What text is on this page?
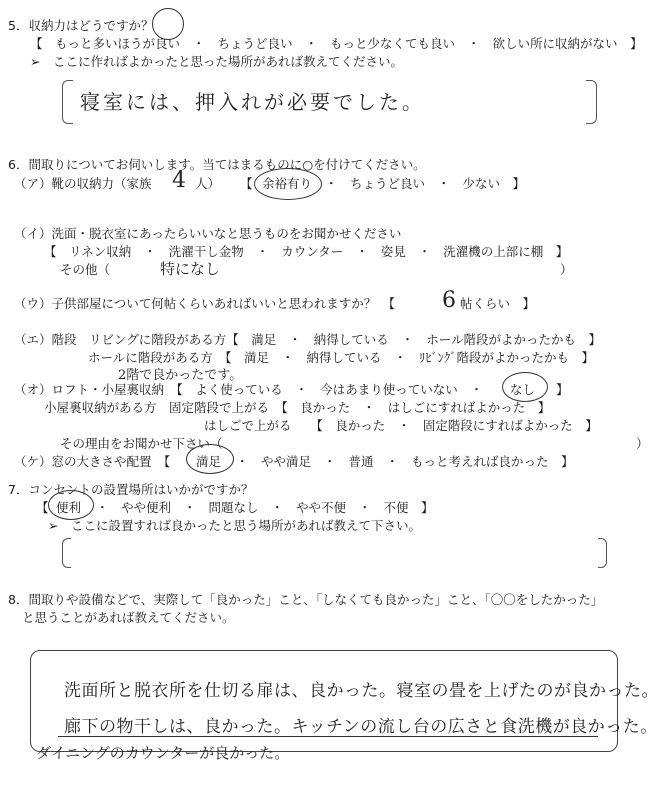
5．収納力はどうですか？
【　もっと多いほうが良い　・　ちょうど良い　・　もっと少なくても良い　・　欲しい所に収納がない　】
➢　ここに作ればよかったと思った場所があれば教えてください。
寝室には、押入れが必要でした。
6．間取りについてお伺いします。当てはまるものに○を付けてください。
（ア）靴の収納力（家族 4 人） 【 余裕有り ・　ちょうど良い　・　少ない　】
（イ）洗面・脱衣室にあったらいいなと思うものをお聞かせください
【　リネン収納　・　洗濯干し金物　・　カウンター　・　姿見　・　洗濯機の上部に棚　】
その他（	特になし	）
（ウ）子供部屋について何帖くらいあればいいと思われますか？　【 6 帖くらい　】
（エ）階段　リビングに階段がある方【　満足　・　納得している　・　ホール階段がよかったかも　】
ホールに階段がある方　【　満足　・　納得している　・　ﾘﾋﾞﾝｸﾞ階段がよかったかも　】
2階で良かったです。
（オ）ロフト・小屋裏収納　【　よく使っている　・　今はあまり使っていない　・ なし 】
小屋裏収納がある方　固定階段で上がる　【　良かった　・　はしごにすればよかった　】
はしごで上がる　　【　良かった　・　固定階段にすればよかった　】
その理由をお聞かせ下さい（	）
（ケ）窓の大きさや配置　【 満足 ・　やや満足　・　普通　・　もっと考えれば良かった　】
7．コンセントの設置場所はいかがですか？
【 便利 ・　やや便利　・　問題なし　・　やや不便　・　不便　】
➢　ここに設置すれば良かったと思う場所があれば教えて下さい。
8．間取りや設備などで、実際して「良かった」こと、「しなくても良かった」こと、「〇〇をしたかった」
と思うことがあれば教えてください。
洗面所と脱衣所を仕切る扉は、良かった。寝室の畳を上げたのが良かった。
廊下の物干しは、良かった。キッチンの流し台の広さと食洗機が良かった。
ダイニングのカウンターが良かった。
